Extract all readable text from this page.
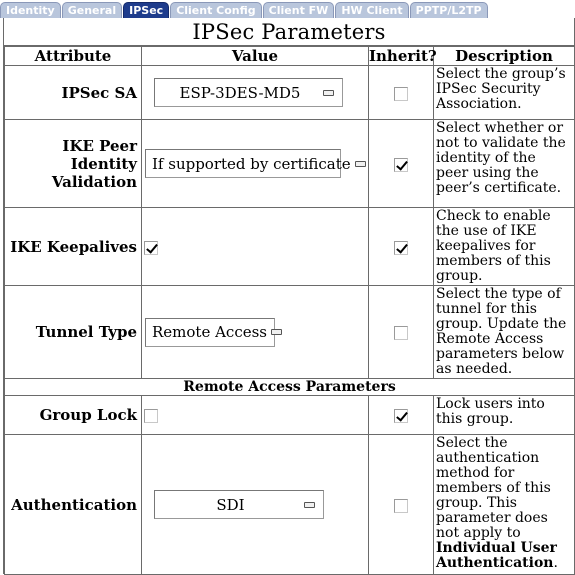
Identity	General	IPSec	Client Config	Client FW	HW Client	PPTP/L2TP
IPSec Parameters
Attribute	Value	Inherit?	Description
IPSec SA	ESP-3DES-MD5		Select the group’s IPSec Security Association.

IKE Peer Identity
Validation	If supported by certificate		Select whether or not to validate the identity of the peer using the peer’s certificate.
IKE Keepalives			Check to enable the use of IKE keepalives for members of this group.
Tunnel Type	Remote Access		Select the type of tunnel for this group. Update the Remote Access parameters below as needed.
Remote Access Parameters			
Group Lock			Lock users into this group.
Authentication	SDI		Select the authentication method for members of this group. This parameter does not apply to Individual User Authentication.
